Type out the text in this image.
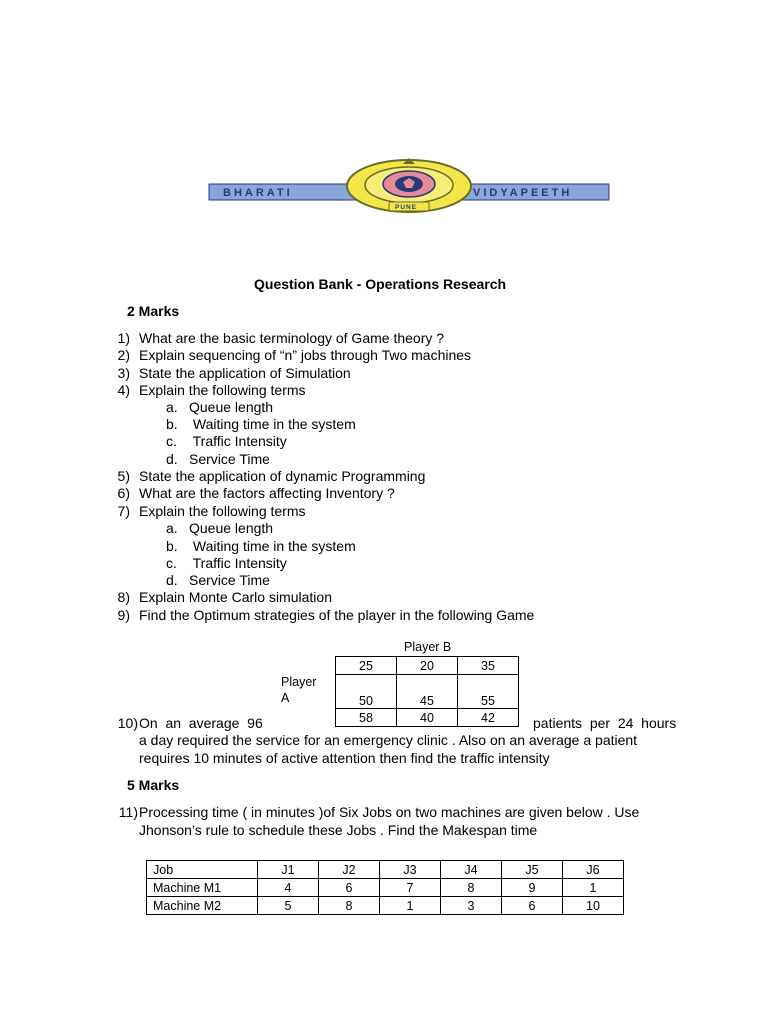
BHARATI	VIDYAPEETH
PUNE
Question Bank - Operations Research
2 Marks
1) What are the basic terminology of Game theory ?
2) Explain sequencing of “n” jobs through Two machines
3) State the application of Simulation
4) Explain the following terms
a. Queue length
b. Waiting time in the system
c. Traffic Intensity
d. Service Time
5) State the application of dynamic Programming
6) What are the factors affecting Inventory ?
7) Explain the following terms
a. Queue length
b. Waiting time in the system
c. Traffic Intensity
d. Service Time
8) Explain Monte Carlo simulation
9) Find the Optimum strategies of the player in the following Game
Player B
Player
A
25	20	35
50	45	55
58	40	42
10) On  an  average  96	patients  per  24  hours
a day required the service for an emergency clinic . Also on an average a patient
requires 10 minutes of active attention then find the traffic intensity
5 Marks
11) Processing time ( in minutes )of Six Jobs on two machines are given below . Use
Jhonson’s rule to schedule these Jobs . Find the Makespan time
Job	J1	J2	J3	J4	J5	J6
Machine M1	4	6	7	8	9	1
Machine M2	5	8	1	3	6	10
